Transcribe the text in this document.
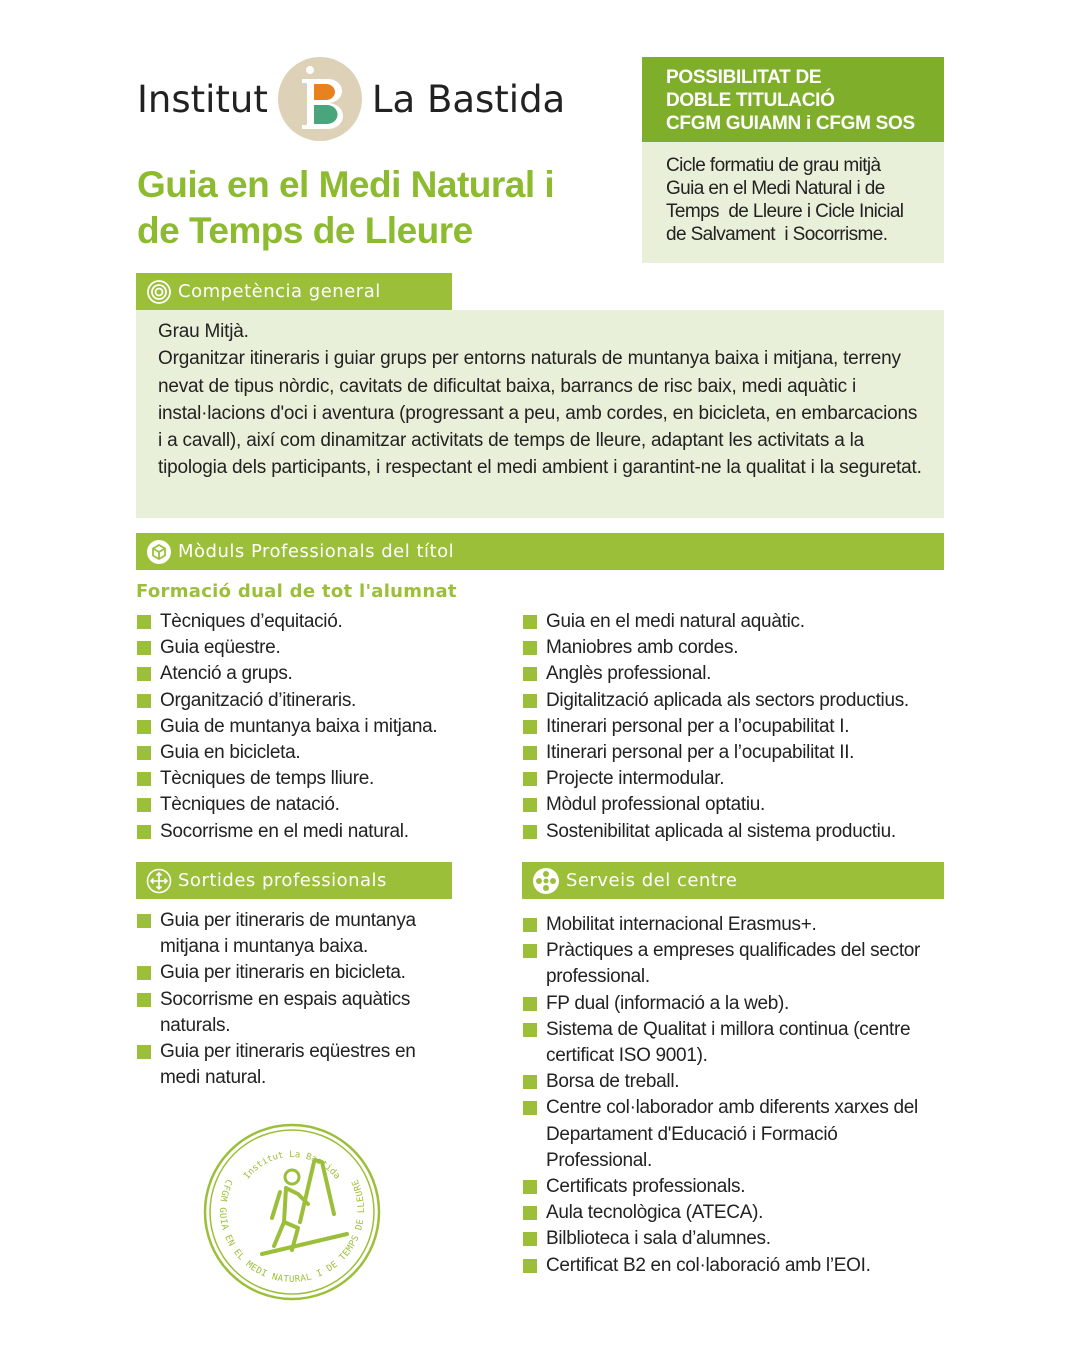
Institut	La Bastida
Guia en el Medi Natural i
de Temps de Lleure
POSSIBILITAT DE
DOBLE TITULACIÓ
CFGM GUIAMN i CFGM SOS
Cicle formatiu de grau mitjà
Guia en el Medi Natural i de
Temps  de Lleure i Cicle Inicial
de Salvament  i Socorrisme.
Competència general
Grau Mitjà.
Organitzar itineraris i guiar grups per entorns naturals de muntanya baixa i mitjana, terreny nevat de tipus nòrdic, cavitats de dificultat baixa, barrancs de risc baix, medi aquàtic i instal·lacions d'oci i aventura (progressant a peu, amb cordes, en bicicleta, en embarcacions i a cavall), així com dinamitzar activitats de temps de lleure, adaptant les activitats a la tipologia dels participants, i respectant el medi ambient i garantint-ne la qualitat i la seguretat.
Mòduls Professionals del títol
Formació dual de tot l'alumnat
Tècniques d’equitació.
Guia eqüestre.
Atenció a grups.
Organització d’itineraris.
Guia de muntanya baixa i mitjana.
Guia en bicicleta.
Tècniques de temps lliure.
Tècniques de natació.
Socorrisme en el medi natural.
Guia en el medi natural aquàtic.
Maniobres amb cordes.
Anglès professional.
Digitalització aplicada als sectors productius.
Itinerari personal per a l’ocupabilitat I.
Itinerari personal per a l’ocupabilitat II.
Projecte intermodular.
Mòdul professional optatiu.
Sostenibilitat aplicada al sistema productiu.
Sortides professionals
Guia per itineraris de muntanya mitjana i muntanya baixa.
Guia per itineraris en bicicleta.
Socorrisme en espais aquàtics naturals.
Guia per itineraris eqüestres en medi natural.
Serveis del centre
Mobilitat internacional Erasmus+.
Pràctiques a empreses qualificades del sector professional.
FP dual (informació a la web).
Sistema de Qualitat i millora continua (centre certificat ISO 9001).
Borsa de treball.
Centre col·laborador amb diferents xarxes del Departament d'Educació i Formació Professional.
Certificats professionals.
Aula tecnològica (ATECA).
Bilblioteca i sala d’alumnes.
Certificat B2 en col·laboració amb l’EOI.
Institut La Bastida
CFGM GUIA EN EL MEDI NATURAL I DE TEMPS DE LLEURE
